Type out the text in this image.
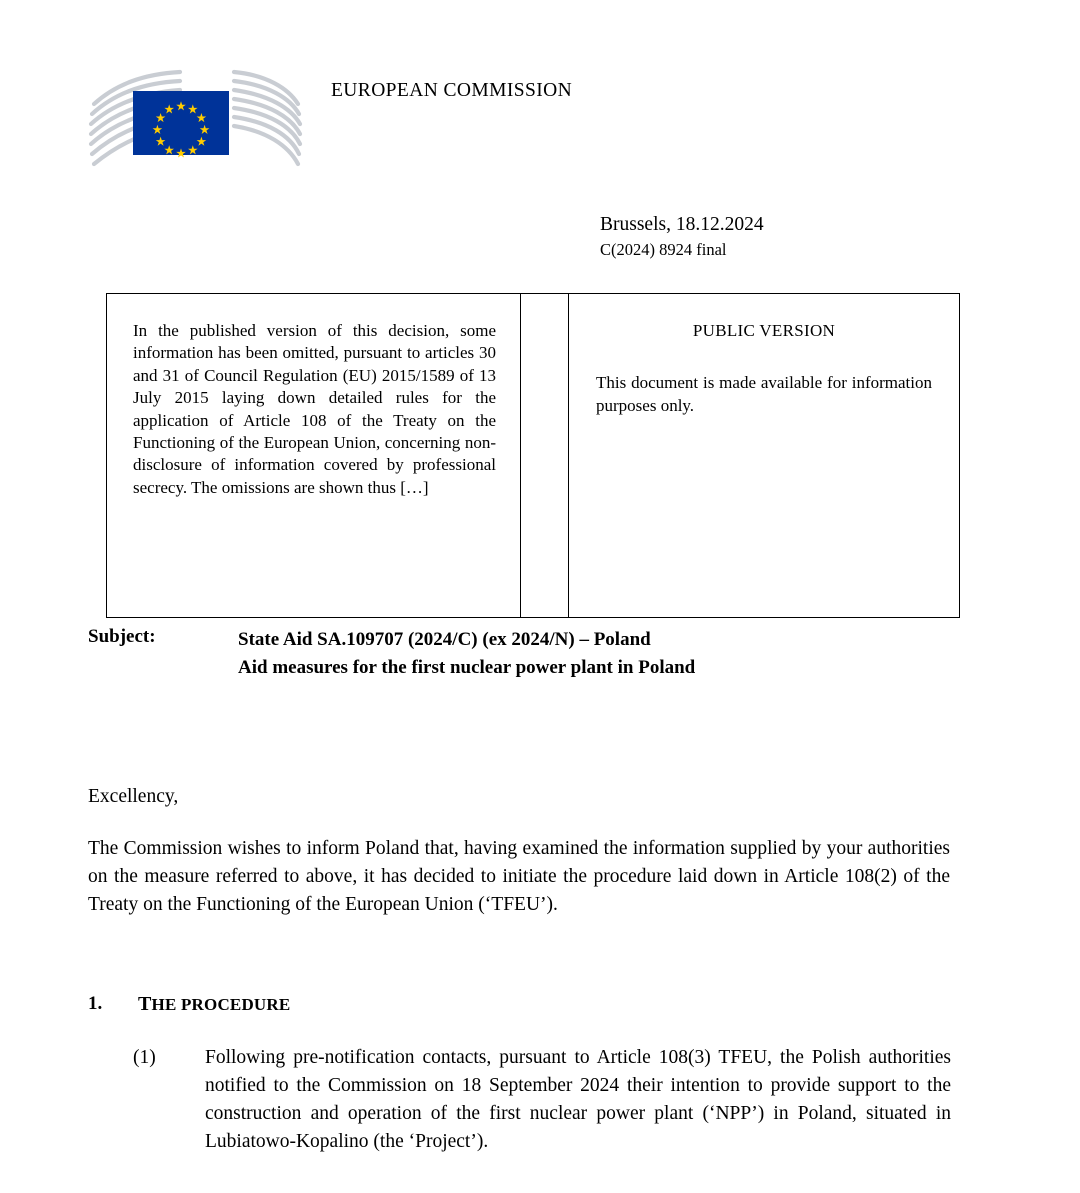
EUROPEAN COMMISSION
Brussels, 18.12.2024
C(2024) 8924 final
In the published version of this decision, some information has been omitted, pursuant to articles 30 and 31 of Council Regulation (EU) 2015/1589 of 13 July 2015 laying down detailed rules for the application of Article 108 of the Treaty on the Functioning of the European Union, concerning non-disclosure of information covered by professional secrecy. The omissions are shown thus […]

PUBLIC VERSION

This document is made available for information purposes only.

Subject:	State Aid SA.109707 (2024/C) (ex 2024/N) – Poland
Aid measures for the first nuclear power plant in Poland
Excellency,
The Commission wishes to inform Poland that, having examined the information supplied by your authorities on the measure referred to above, it has decided to initiate the procedure laid down in Article 108(2) of the Treaty on the Functioning of the European Union (‘TFEU’).
1. THE PROCEDURE
(1)	Following pre-notification contacts, pursuant to Article 108(3) TFEU, the Polish authorities notified to the Commission on 18 September 2024 their intention to provide support to the construction and operation of the first nuclear power plant (‘NPP’) in Poland, situated in Lubiatowo-Kopalino (the ‘Project’).
